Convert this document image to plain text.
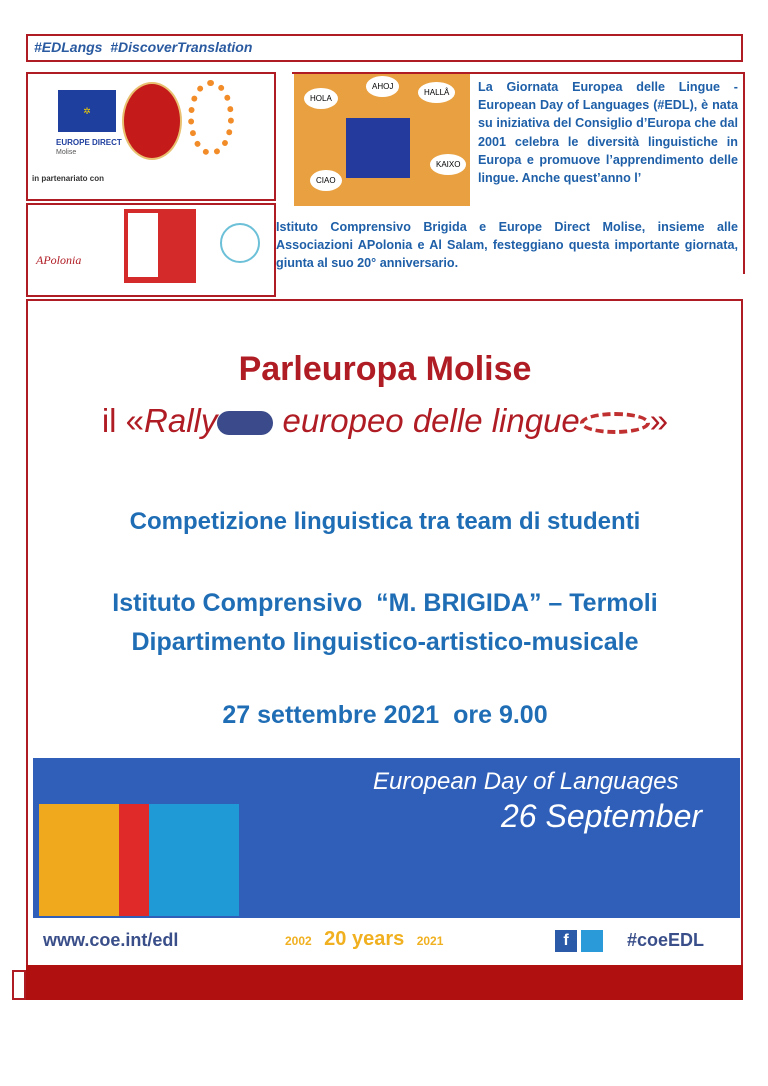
#EDLangs  #DiscoverTranslation
✲
EUROPE DIRECT
Molise
in partenariato con
APolonia
HOLA
AHOJ
HALLÅ
KAIXO
CIAO
La Giornata Europea delle Lingue - European Day of Languages (#EDL), è nata su iniziativa del Consiglio d’Europa che dal 2001 celebra le diversità linguistiche in Europa e promuove l’apprendimento delle lingue. Anche quest’anno l’
Istituto Comprensivo Brigida e Europe Direct Molise, insieme alle Associazioni APolonia e Al Salam, festeggiano questa importante giornata, giunta al suo 20° anniversario.
Parleuropa Molise
il «Rally europeo delle lingue »
Competizione linguistica tra team di studenti
Istituto Comprensivo  “M. BRIGIDA” – Termoli
Dipartimento linguistico-artistico-musicale
27 settembre 2021  ore 9.00
European Day of Languages
26 September
www.coe.int/edl	2002 20 years 2021	f	#coeEDL
